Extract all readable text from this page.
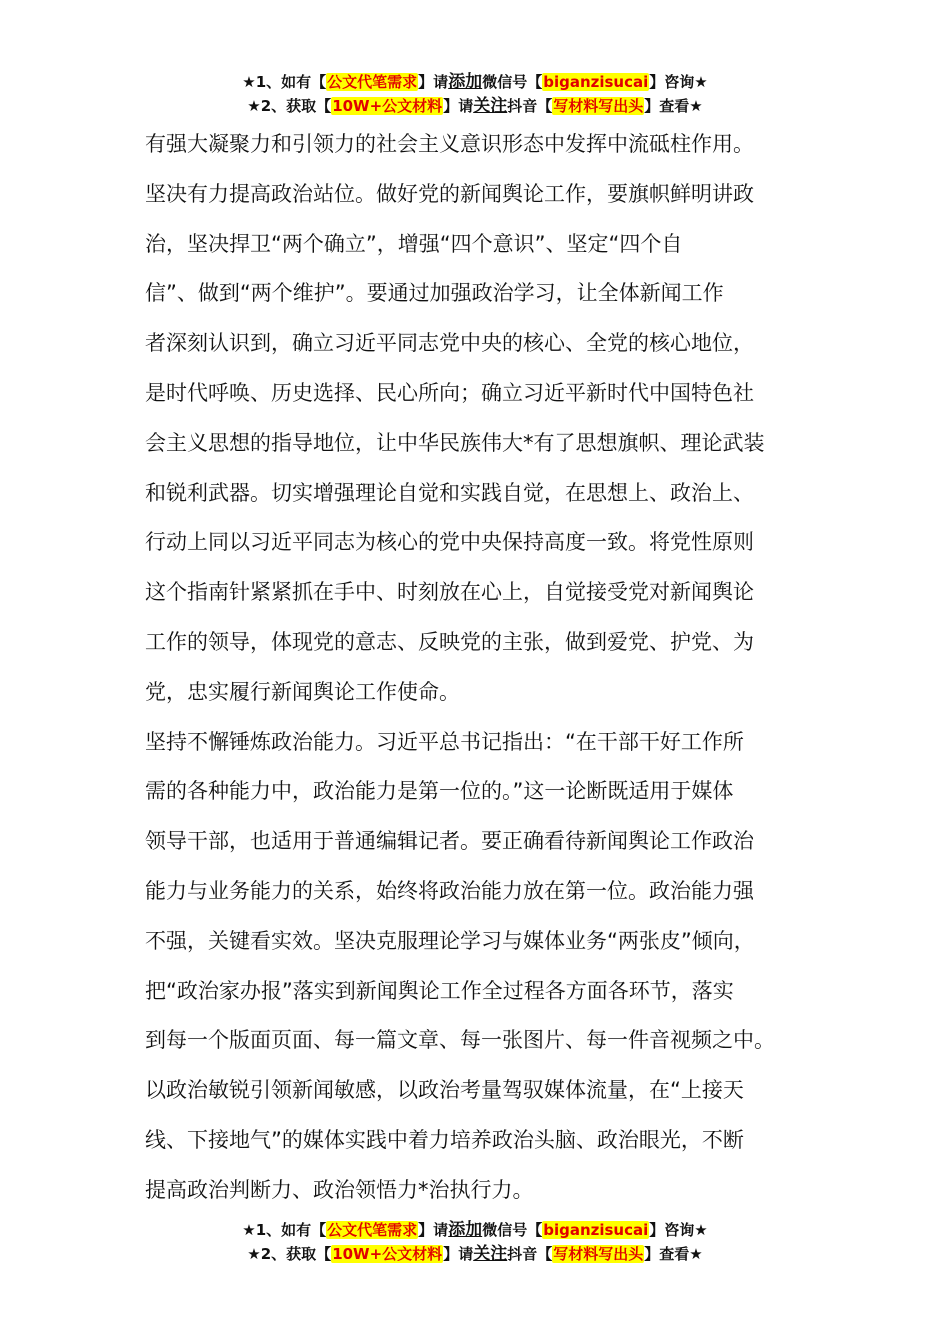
★1、如有【公文代笔需求】请添加微信号【biganzisucai】咨询★
★2、获取【10W+公文材料】请关注抖音【写材料写出头】查看★
有强大凝聚力和引领力的社会主义意识形态中发挥中流砥柱作用。
坚决有力提高政治站位。做好党的新闻舆论工作，要旗帜鲜明讲政
治，坚决捍卫“两个确立”，增强“四个意识”、坚定“四个自
信”、做到“两个维护”。要通过加强政治学习，让全体新闻工作
者深刻认识到，确立习近平同志党中央的核心、全党的核心地位，
是时代呼唤、历史选择、民心所向；确立习近平新时代中国特色社
会主义思想的指导地位，让中华民族伟大*有了思想旗帜、理论武装
和锐利武器。切实增强理论自觉和实践自觉，在思想上、政治上、
行动上同以习近平同志为核心的党中央保持高度一致。将党性原则
这个指南针紧紧抓在手中、时刻放在心上，自觉接受党对新闻舆论
工作的领导，体现党的意志、反映党的主张，做到爱党、护党、为
党，忠实履行新闻舆论工作使命。
坚持不懈锤炼政治能力。习近平总书记指出：“在干部干好工作所
需的各种能力中，政治能力是第一位的。”这一论断既适用于媒体
领导干部，也适用于普通编辑记者。要正确看待新闻舆论工作政治
能力与业务能力的关系，始终将政治能力放在第一位。政治能力强
不强，关键看实效。坚决克服理论学习与媒体业务“两张皮”倾向，
把“政治家办报”落实到新闻舆论工作全过程各方面各环节，落实
到每一个版面页面、每一篇文章、每一张图片、每一件音视频之中。
以政治敏锐引领新闻敏感，以政治考量驾驭媒体流量，在“上接天
线、下接地气”的媒体实践中着力培养政治头脑、政治眼光，不断
提高政治判断力、政治领悟力*治执行力。
★1、如有【公文代笔需求】请添加微信号【biganzisucai】咨询★
★2、获取【10W+公文材料】请关注抖音【写材料写出头】查看★
